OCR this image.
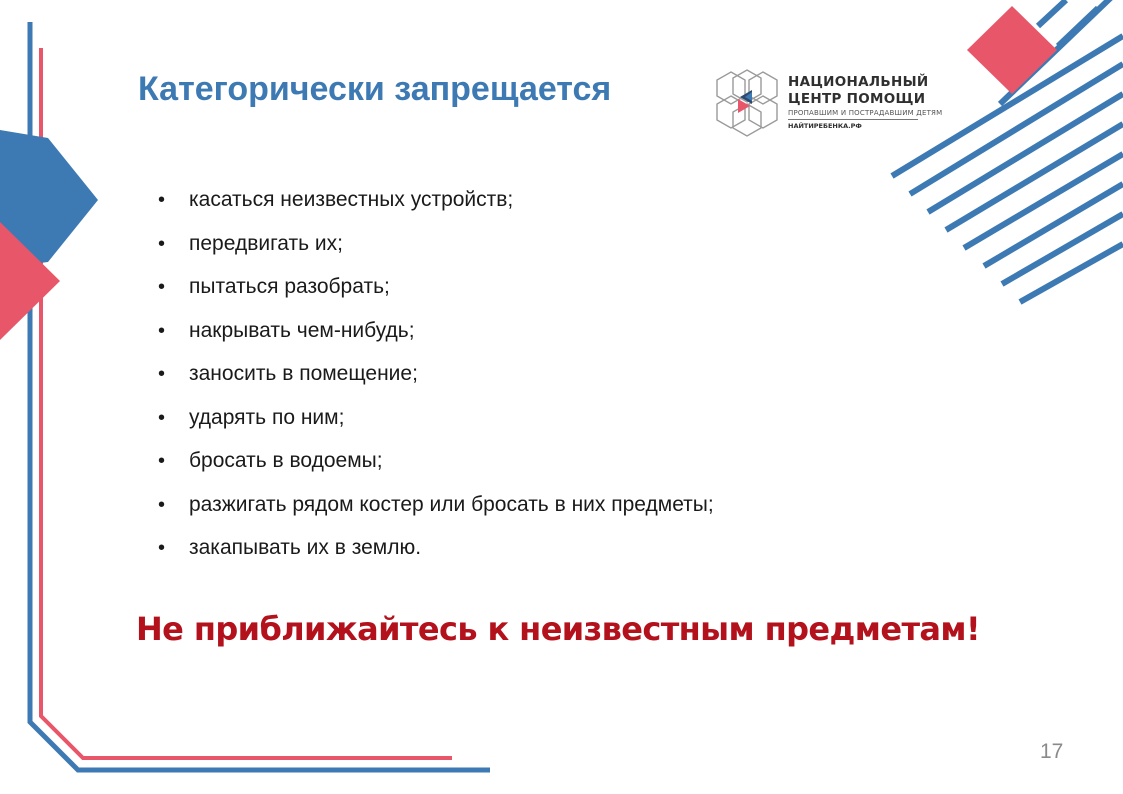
Категорически запрещается	НАЦИОНАЛЬНЫЙ
ЦЕНТР ПОМОЩИ
ПРОПАВШИМ И ПОСТРАДАВШИМ ДЕТЯМ
НАЙТИРЕБЕНКА.РФ
• касаться неизвестных устройств;
• передвигать их;
• пытаться разобрать;
• накрывать чем-нибудь;
• заносить в помещение;
• ударять по ним;
• бросать в водоемы;
• разжигать рядом костер или бросать в них предметы;
• закапывать их в землю.
Не приближайтесь к неизвестным предметам!
17
